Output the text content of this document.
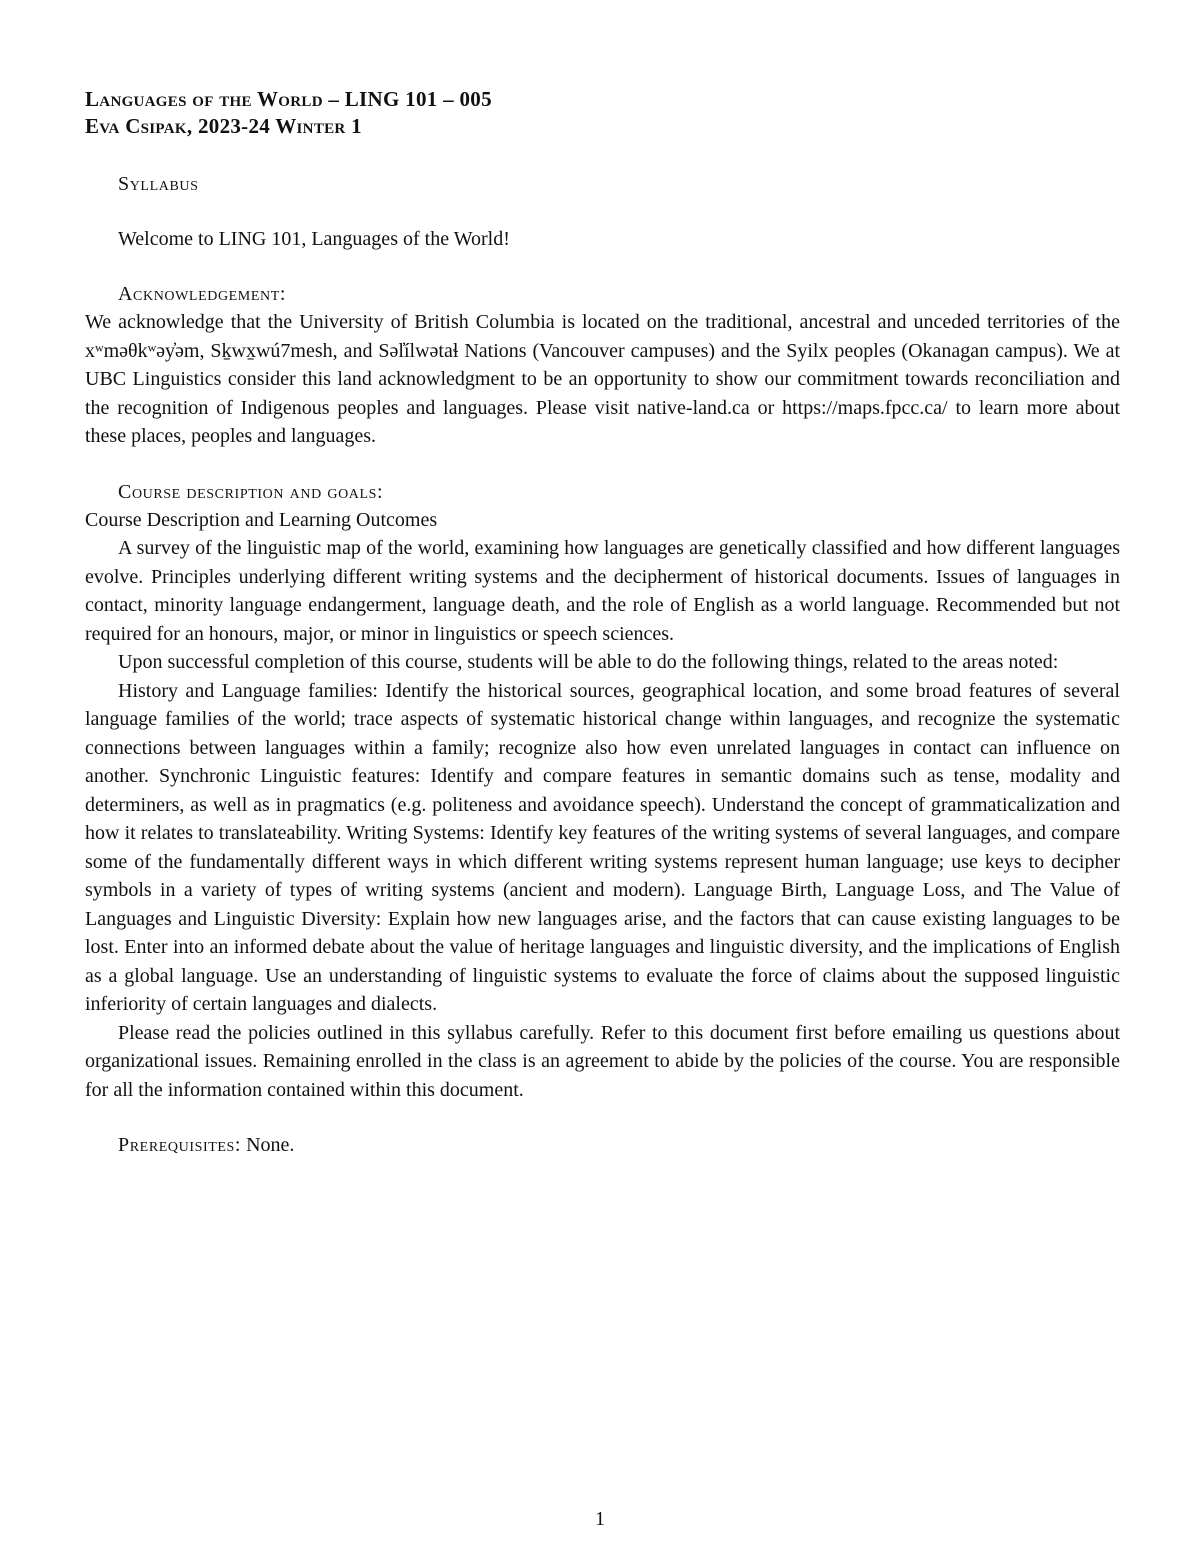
Languages of the World – LING 101 – 005
Eva Csipak, 2023-24 Winter 1
Syllabus
Welcome to LING 101, Languages of the World!
Acknowledgement:

We acknowledge that the University of British Columbia is located on the traditional, ancestral and unceded territories of the xʷməθkʷəy̓əm, Sḵwx̱wú7mesh, and Səl̓ílwətaɬ Nations (Vancouver campuses) and the Syilx peoples (Okanagan campus). We at UBC Linguistics consider this land acknowledgment to be an opportunity to show our commitment towards reconciliation and the recognition of Indigenous peoples and languages. Please visit native-land.ca or https://maps.fpcc.ca/ to learn more about these places, peoples and languages.

Course description and goals:

Course Description and Learning Outcomes

A survey of the linguistic map of the world, examining how languages are genetically classified and how different languages evolve. Principles underlying different writing systems and the decipherment of historical documents. Issues of languages in contact, minority language endangerment, language death, and the role of English as a world language. Recommended but not required for an honours, major, or minor in linguistics or speech sciences.

Upon successful completion of this course, students will be able to do the following things, related to the areas noted:

History and Language families: Identify the historical sources, geographical location, and some broad features of several language families of the world; trace aspects of systematic historical change within languages, and recognize the systematic connections between languages within a family; recognize also how even unrelated languages in contact can influence on another. Synchronic Linguistic features: Identify and compare features in semantic domains such as tense, modality and determiners, as well as in pragmatics (e.g. politeness and avoidance speech). Understand the concept of grammaticalization and how it relates to translateability. Writing Systems: Identify key features of the writing systems of several languages, and compare some of the fundamentally different ways in which different writing systems represent human language; use keys to decipher symbols in a variety of types of writing systems (ancient and modern). Language Birth, Language Loss, and The Value of Languages and Linguistic Diversity: Explain how new languages arise, and the factors that can cause existing languages to be lost. Enter into an informed debate about the value of heritage languages and linguistic diversity, and the implications of English as a global language. Use an understanding of linguistic systems to evaluate the force of claims about the supposed linguistic inferiority of certain languages and dialects.

Please read the policies outlined in this syllabus carefully. Refer to this document first before emailing us questions about organizational issues. Remaining enrolled in the class is an agreement to abide by the policies of the course. You are responsible for all the information contained within this document.

Prerequisites: None.
1
